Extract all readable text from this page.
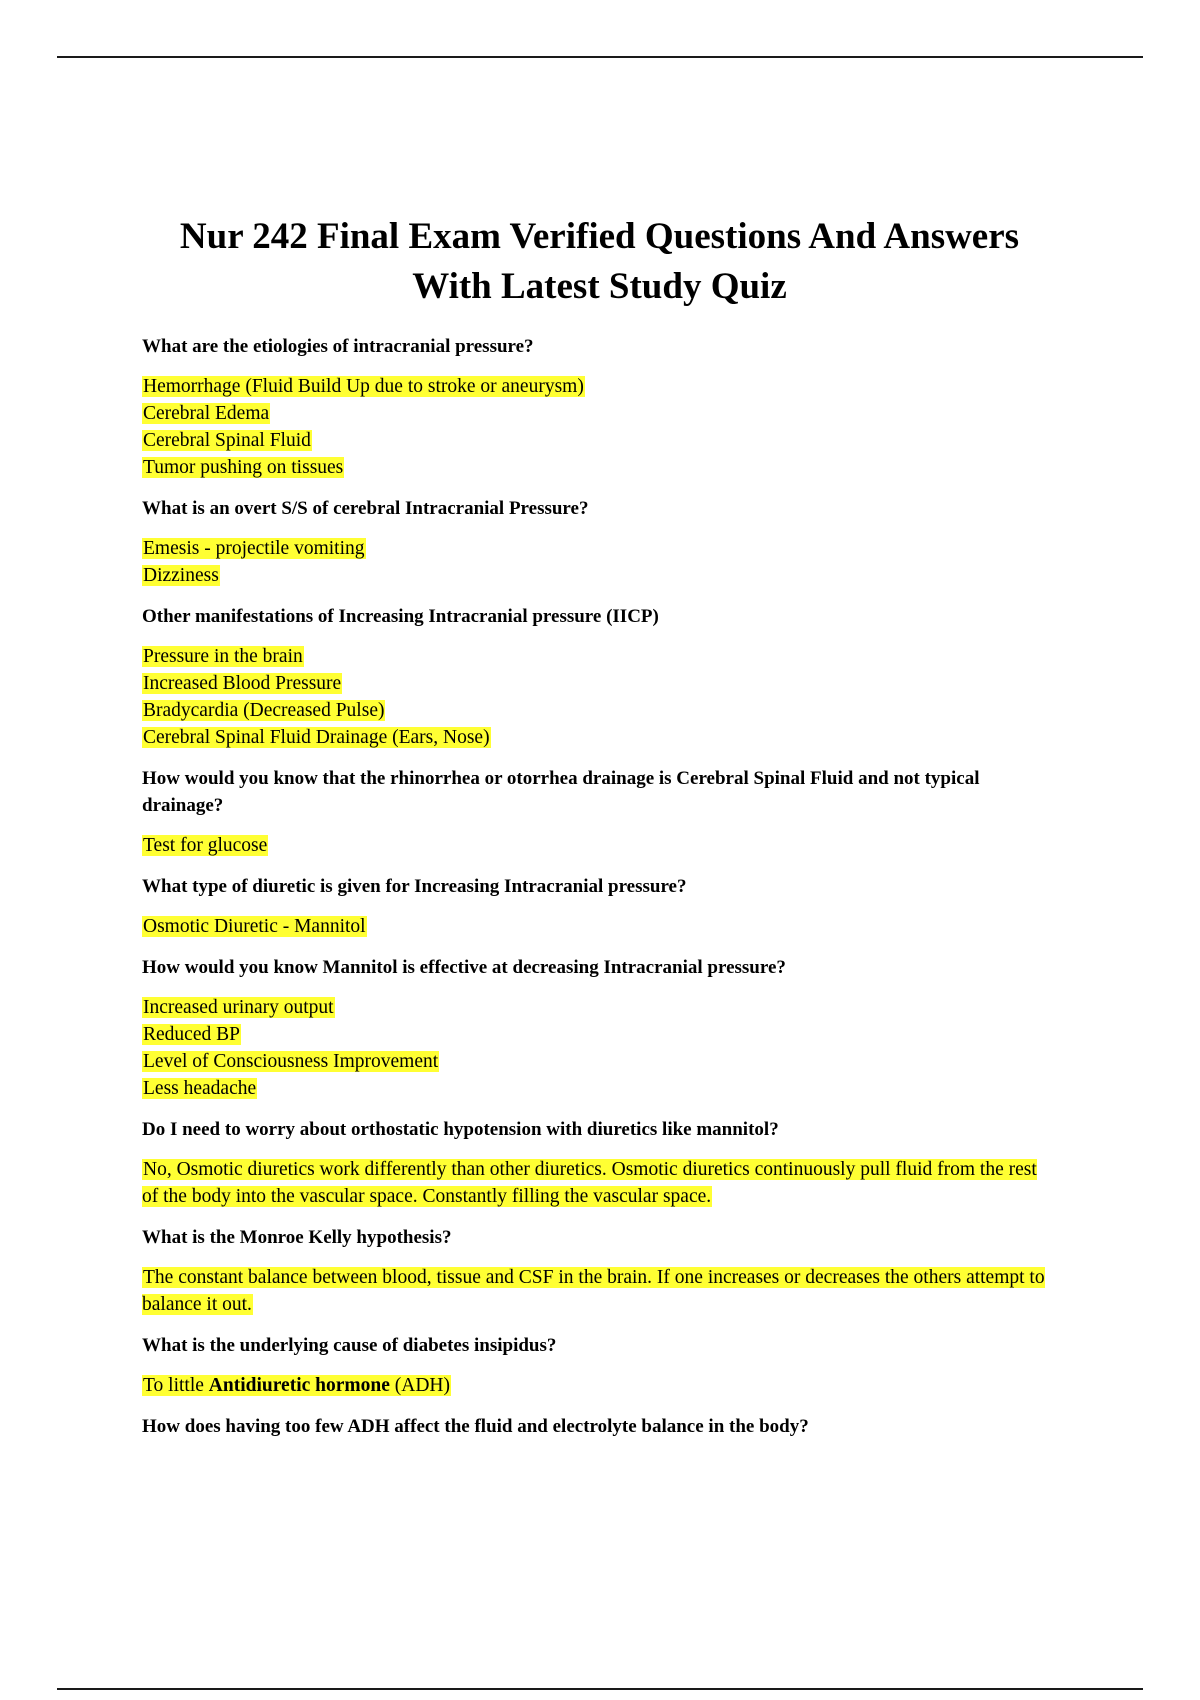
Nur 242 Final Exam Verified Questions And Answers
With Latest Study Quiz

What are the etiologies of intracranial pressure?

Hemorrhage (Fluid Build Up due to stroke or aneurysm)
Cerebral Edema
Cerebral Spinal Fluid
Tumor pushing on tissues

What is an overt S/S of cerebral Intracranial Pressure?

Emesis - projectile vomiting
Dizziness

Other manifestations of Increasing Intracranial pressure (IICP)

Pressure in the brain
Increased Blood Pressure
Bradycardia (Decreased Pulse)
Cerebral Spinal Fluid Drainage (Ears, Nose)

How would you know that the rhinorrhea or otorrhea drainage is Cerebral Spinal Fluid and not typical drainage?

Test for glucose

What type of diuretic is given for Increasing Intracranial pressure?

Osmotic Diuretic - Mannitol

How would you know Mannitol is effective at decreasing Intracranial pressure?

Increased urinary output
Reduced BP
Level of Consciousness Improvement
Less headache

Do I need to worry about orthostatic hypotension with diuretics like mannitol?

No, Osmotic diuretics work differently than other diuretics. Osmotic diuretics continuously pull fluid from the rest of the body into the vascular space. Constantly filling the vascular space.

What is the Monroe Kelly hypothesis?

The constant balance between blood, tissue and CSF in the brain. If one increases or decreases the others attempt to balance it out.

What is the underlying cause of diabetes insipidus?

To little Antidiuretic hormone (ADH)

How does having too few ADH affect the fluid and electrolyte balance in the body?
